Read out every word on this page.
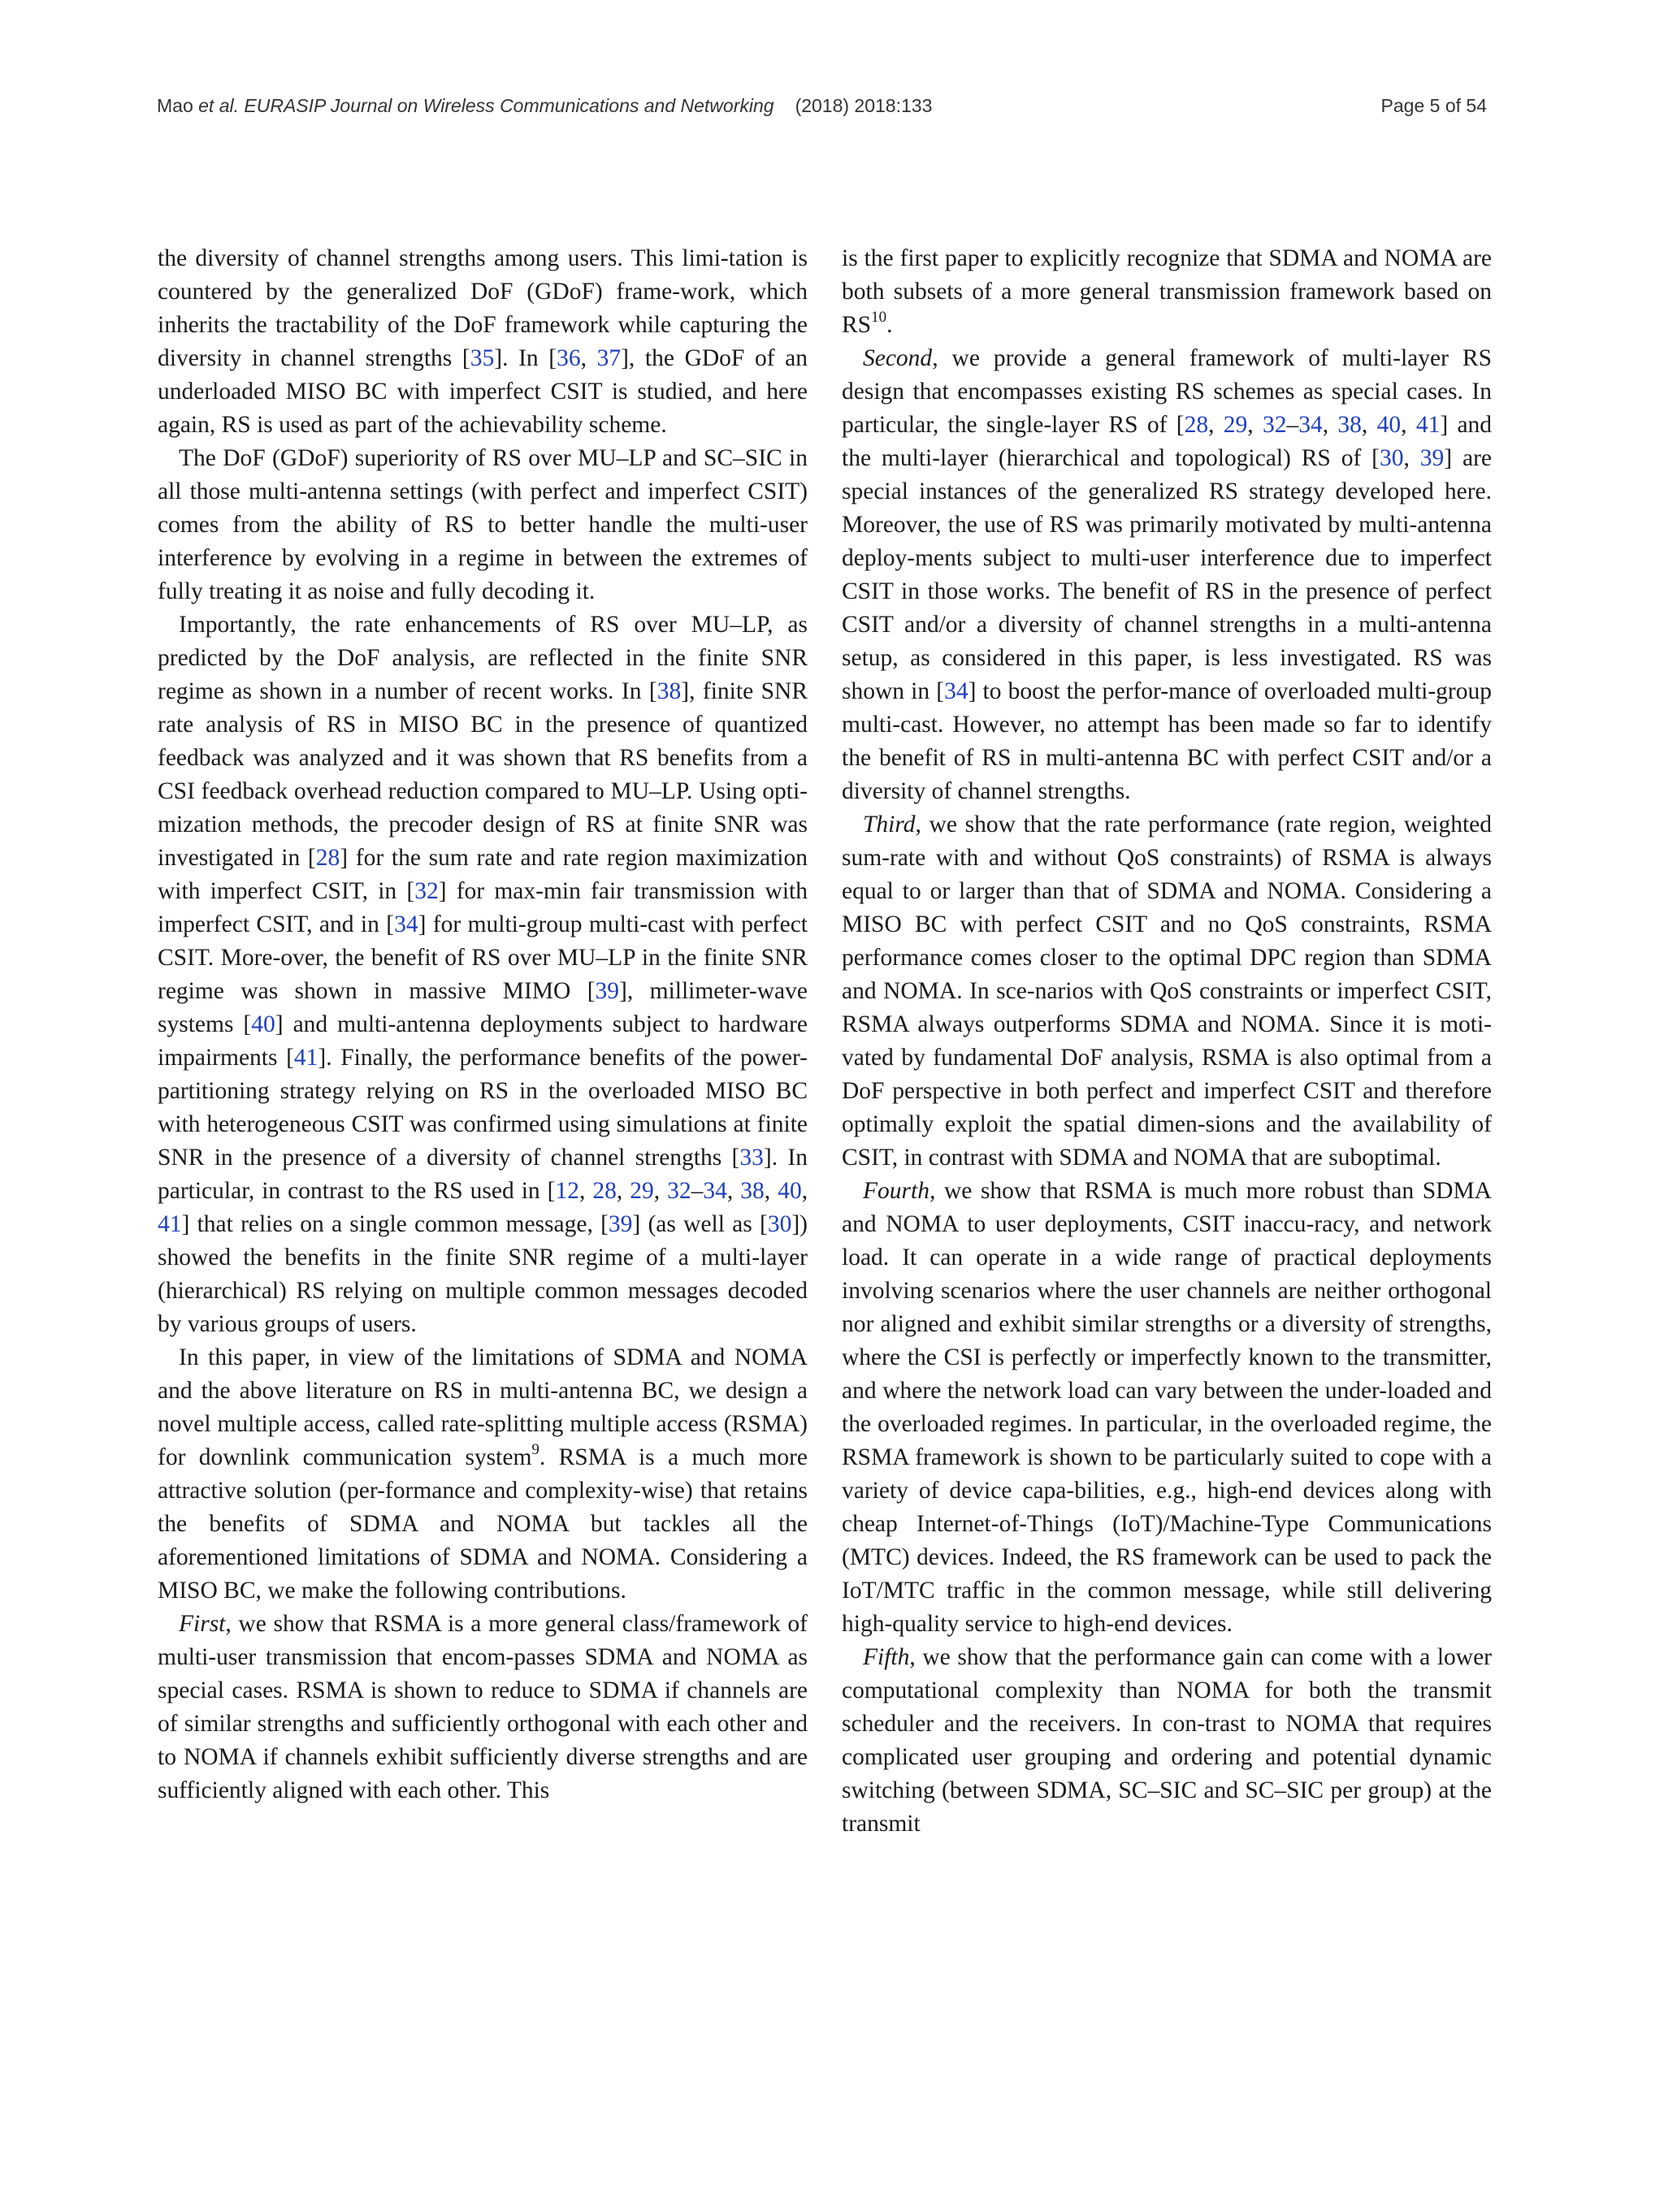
Mao et al. EURASIP Journal on Wireless Communications and Networking (2018) 2018:133	Page 5 of 54

the diversity of channel strengths among users. This limi-tation is countered by the generalized DoF (GDoF) frame-work, which inherits the tractability of the DoF framework while capturing the diversity in channel strengths [35]. In [36, 37], the GDoF of an underloaded MISO BC with imperfect CSIT is studied, and here again, RS is used as part of the achievability scheme.

The DoF (GDoF) superiority of RS over MU–LP and SC–SIC in all those multi-antenna settings (with perfect and imperfect CSIT) comes from the ability of RS to better handle the multi-user interference by evolving in a regime in between the extremes of fully treating it as noise and fully decoding it.

Importantly, the rate enhancements of RS over MU–LP, as predicted by the DoF analysis, are reflected in the finite SNR regime as shown in a number of recent works. In [38], finite SNR rate analysis of RS in MISO BC in the presence of quantized feedback was analyzed and it was shown that RS benefits from a CSI feedback overhead reduction compared to MU–LP. Using opti-mization methods, the precoder design of RS at finite SNR was investigated in [28] for the sum rate and rate region maximization with imperfect CSIT, in [32] for max-min fair transmission with imperfect CSIT, and in [34] for multi-group multi-cast with perfect CSIT. More-over, the benefit of RS over MU–LP in the finite SNR regime was shown in massive MIMO [39], millimeter-wave systems [40] and multi-antenna deployments subject to hardware impairments [41]. Finally, the performance benefits of the power-partitioning strategy relying on RS in the overloaded MISO BC with heterogeneous CSIT was confirmed using simulations at finite SNR in the presence of a diversity of channel strengths [33]. In particular, in contrast to the RS used in [12, 28, 29, 32–34, 38, 40, 41] that relies on a single common message, [39] (as well as [30]) showed the benefits in the finite SNR regime of a multi-layer (hierarchical) RS relying on multiple common messages decoded by various groups of users.

In this paper, in view of the limitations of SDMA and NOMA and the above literature on RS in multi-antenna BC, we design a novel multiple access, called rate-splitting multiple access (RSMA) for downlink communication system$^9$. RSMA is a much more attractive solution (per-formance and complexity-wise) that retains the benefits of SDMA and NOMA but tackles all the aforementioned limitations of SDMA and NOMA. Considering a MISO BC, we make the following contributions.

First, we show that RSMA is a more general class/framework of multi-user transmission that encom-passes SDMA and NOMA as special cases. RSMA is shown to reduce to SDMA if channels are of similar strengths and sufficiently orthogonal with each other and to NOMA if channels exhibit sufficiently diverse strengths and are sufficiently aligned with each other. This

is the first paper to explicitly recognize that SDMA and NOMA are both subsets of a more general transmission framework based on RS$^{10}$.

Second, we provide a general framework of multi-layer RS design that encompasses existing RS schemes as special cases. In particular, the single-layer RS of [28, 29, 32–34, 38, 40, 41] and the multi-layer (hierarchical and topological) RS of [30, 39] are special instances of the generalized RS strategy developed here. Moreover, the use of RS was primarily motivated by multi-antenna deploy-ments subject to multi-user interference due to imperfect CSIT in those works. The benefit of RS in the presence of perfect CSIT and/or a diversity of channel strengths in a multi-antenna setup, as considered in this paper, is less investigated. RS was shown in [34] to boost the perfor-mance of overloaded multi-group multi-cast. However, no attempt has been made so far to identify the benefit of RS in multi-antenna BC with perfect CSIT and/or a diversity of channel strengths.

Third, we show that the rate performance (rate region, weighted sum-rate with and without QoS constraints) of RSMA is always equal to or larger than that of SDMA and NOMA. Considering a MISO BC with perfect CSIT and no QoS constraints, RSMA performance comes closer to the optimal DPC region than SDMA and NOMA. In sce-narios with QoS constraints or imperfect CSIT, RSMA always outperforms SDMA and NOMA. Since it is moti-vated by fundamental DoF analysis, RSMA is also optimal from a DoF perspective in both perfect and imperfect CSIT and therefore optimally exploit the spatial dimen-sions and the availability of CSIT, in contrast with SDMA and NOMA that are suboptimal.

Fourth, we show that RSMA is much more robust than SDMA and NOMA to user deployments, CSIT inaccu-racy, and network load. It can operate in a wide range of practical deployments involving scenarios where the user channels are neither orthogonal nor aligned and exhibit similar strengths or a diversity of strengths, where the CSI is perfectly or imperfectly known to the transmitter, and where the network load can vary between the under-loaded and the overloaded regimes. In particular, in the overloaded regime, the RSMA framework is shown to be particularly suited to cope with a variety of device capa-bilities, e.g., high-end devices along with cheap Internet-of-Things (IoT)/Machine-Type Communications (MTC) devices. Indeed, the RS framework can be used to pack the IoT/MTC traffic in the common message, while still delivering high-quality service to high-end devices.

Fifth, we show that the performance gain can come with a lower computational complexity than NOMA for both the transmit scheduler and the receivers. In con-trast to NOMA that requires complicated user grouping and ordering and potential dynamic switching (between SDMA, SC–SIC and SC–SIC per group) at the transmit
